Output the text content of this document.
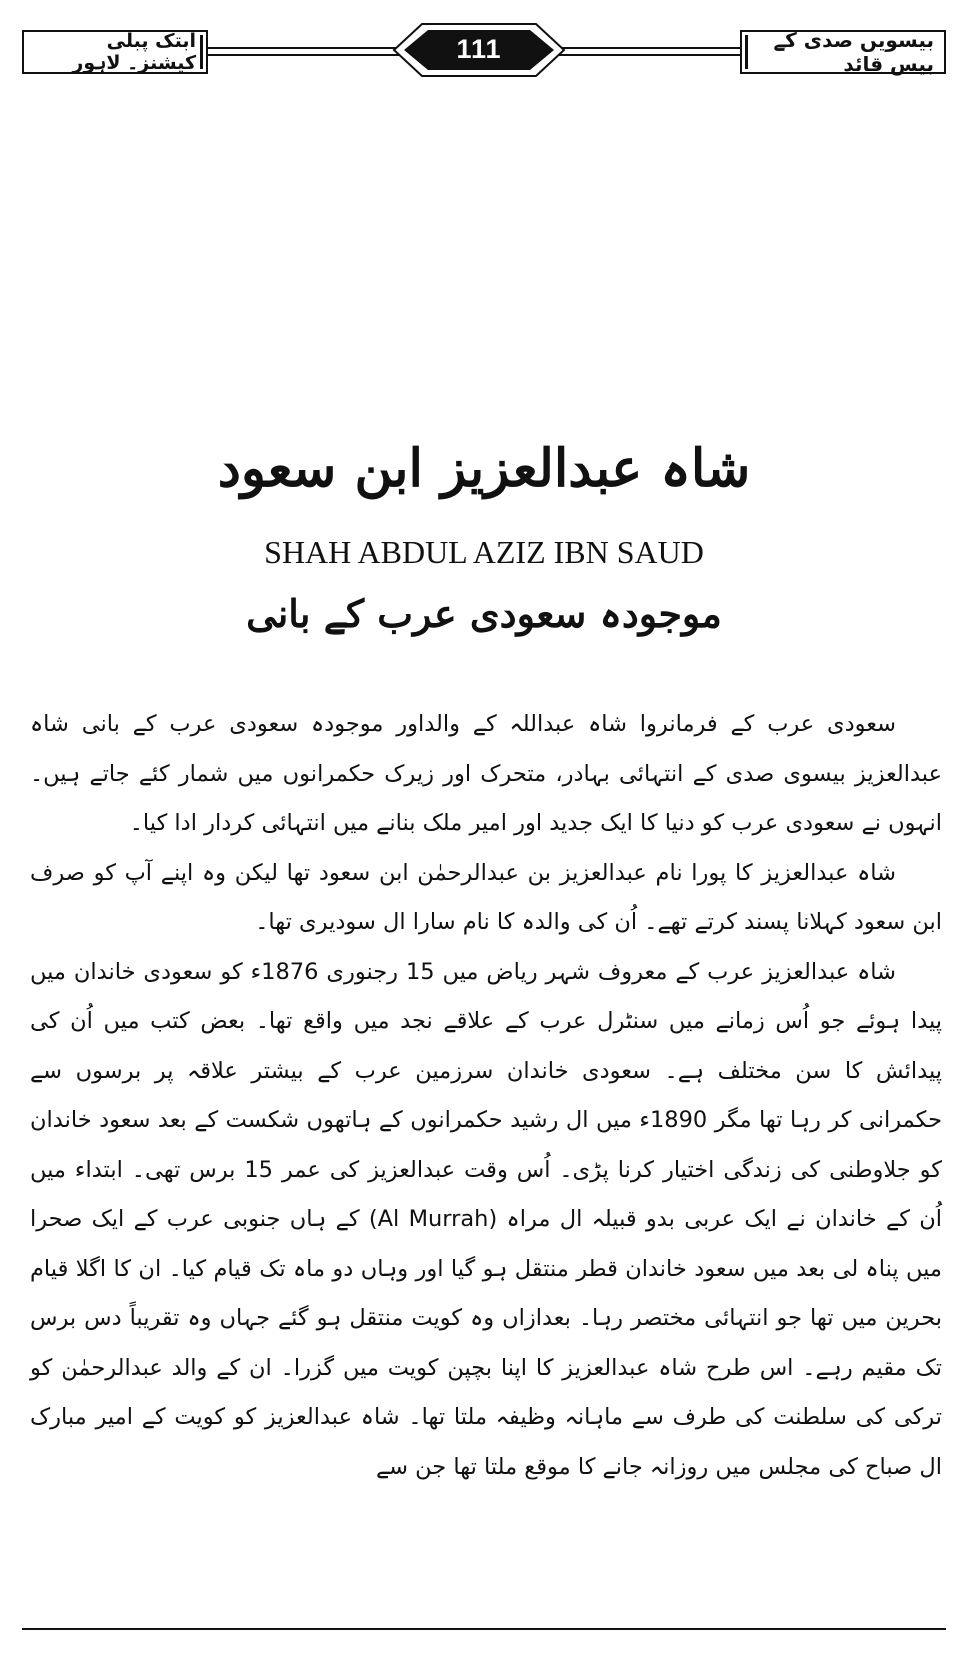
ابتک پبلی کیشنز۔ لاہور	111	بیسویں صدی کے بیس قائد
شاہ عبدالعزیز ابن سعود
SHAH ABDUL AZIZ IBN SAUD
موجودہ سعودی عرب کے بانی

سعودی عرب کے فرمانروا شاہ عبداللہ کے والداور موجودہ سعودی عرب کے بانی شاہ عبدالعزیز بیسوی صدی کے انتہائی بہادر، متحرک اور زیرک حکمرانوں میں شمار کئے جاتے ہیں۔ انہوں نے سعودی عرب کو دنیا کا ایک جدید اور امیر ملک بنانے میں انتہائی کردار ادا کیا۔

شاہ عبدالعزیز کا پورا نام عبدالعزیز بن عبدالرحمٰن ابن سعود تھا لیکن وہ اپنے آپ کو صرف ابن سعود کہلانا پسند کرتے تھے۔ اُن کی والدہ کا نام سارا ال سودیری تھا۔

شاہ عبدالعزیز عرب کے معروف شہر ریاض میں 15 رجنوری 1876ء کو سعودی خاندان میں پیدا ہوئے جو اُس زمانے میں سنٹرل عرب کے علاقے نجد میں واقع تھا۔ بعض کتب میں اُن کی پیدائش کا سن مختلف ہے۔ سعودی خاندان سرزمین عرب کے بیشتر علاقہ پر برسوں سے حکمرانی کر رہا تھا مگر 1890ء میں ال رشید حکمرانوں کے ہاتھوں شکست کے بعد سعود خاندان کو جلاوطنی کی زندگی اختیار کرنا پڑی۔ اُس وقت عبدالعزیز کی عمر 15 برس تھی۔ ابتداء میں اُن کے خاندان نے ایک عربی بدو قبیلہ ال مراہ (Al Murrah) کے ہاں جنوبی عرب کے ایک صحرا میں پناہ لی بعد میں سعود خاندان قطر منتقل ہو گیا اور وہاں دو ماہ تک قیام کیا۔ ان کا اگلا قیام بحرین میں تھا جو انتہائی مختصر رہا۔ بعدازاں وہ کویت منتقل ہو گئے جہاں وہ تقریباً دس برس تک مقیم رہے۔ اس طرح شاہ عبدالعزیز کا اپنا بچپن کویت میں گزرا۔ ان کے والد عبدالرحمٰن کو ترکی کی سلطنت کی طرف سے ماہانہ وظیفہ ملتا تھا۔ شاہ عبدالعزیز کو کویت کے امیر مبارک ال صباح کی مجلس میں روزانہ جانے کا موقع ملتا تھا جن سے
